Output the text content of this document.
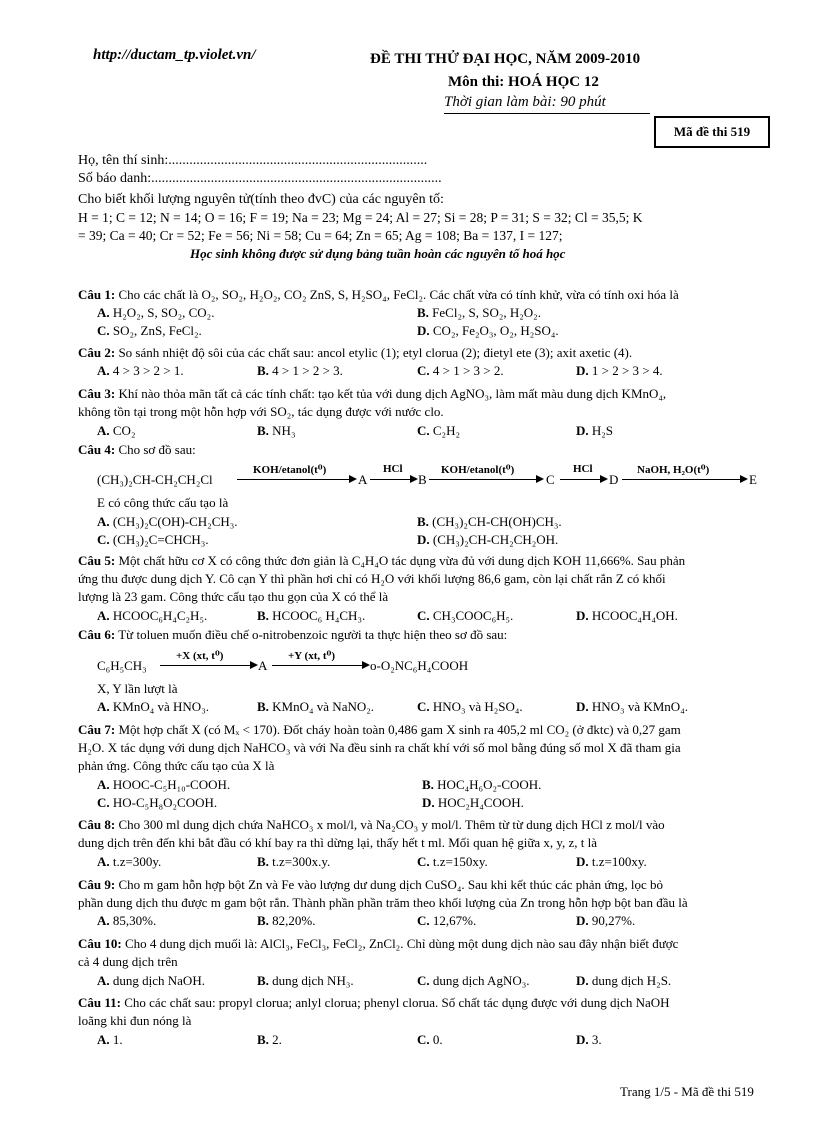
http://ductam_tp.violet.vn/	ĐỀ THI THỬ ĐẠI HỌC, NĂM 2009-2010
Môn thi: HOÁ HỌC 12
Thời gian làm bài: 90 phút
Mã đề thi 519
Họ, tên thí sinh:..........................................................................
Số báo danh:...................................................................................
Cho biết khối lượng nguyên tử(tính theo đvC) của các nguyên tố:
H = 1; C = 12; N = 14; O = 16; F = 19; Na = 23; Mg = 24; Al = 27; Si = 28; P = 31; S = 32; Cl = 35,5; K
= 39; Ca = 40; Cr = 52; Fe = 56; Ni = 58; Cu = 64; Zn = 65; Ag = 108; Ba = 137, I = 127;
Học sinh không được sử dụng bảng tuần hoàn các nguyên tố hoá học
Câu 1: Cho các chất là O₂, SO₂, H₂O₂, CO₂ ZnS, S, H₂SO₄, FeCl₂. Các chất vừa có tính khử, vừa có tính oxi hóa là
A. H₂O₂, S, SO₂, CO₂.	B. FeCl₂, S, SO₂, H₂O₂.
C. SO₂, ZnS, FeCl₂.	D. CO₂, Fe₂O₃, O₂, H₂SO₄.
Câu 2: So sánh nhiệt độ sôi của các chất sau: ancol etylic (1); etyl clorua (2); đietyl ete (3); axit axetic (4).
A. 4 > 3 > 2 > 1.	B. 4 > 1 > 2 > 3.	C. 4 > 1 > 3 > 2.	D. 1 > 2 > 3 > 4.
Câu 3: Khí nào thỏa mãn tất cả các tính chất: tạo kết tủa với dung dịch AgNO₃, làm mất màu dung dịch KMnO₄,
không tồn tại trong một hỗn hợp với SO₂, tác dụng được với nước clo.
A. CO₂	B. NH₃	C. C₂H₂	D. H₂S
Câu 4: Cho sơ đồ sau:
(CH₃)₂CH-CH₂CH₂Cl
KOH/etanol(t⁰)
A
HCl
B
KOH/etanol(t⁰)
C
HCl
D
NaOH, H₂O(t⁰)
E
E có công thức cấu tạo là
A. (CH₃)₂C(OH)-CH₂CH₃.	B. (CH₃)₂CH-CH(OH)CH₃.
C. (CH₃)₂C=CHCH₃.	D. (CH₃)₂CH-CH₂CH₂OH.
Câu 5: Một chất hữu cơ X có công thức đơn giản là C₄H₄O tác dụng vừa đủ với dung dịch KOH 11,666%. Sau phản
ứng thu được dung dịch Y. Cô cạn Y thì phần hơi chỉ có H₂O với khối lượng 86,6 gam, còn lại chất rắn Z có khối
lượng là 23 gam. Công thức cấu tạo thu gọn của X có thể là
A. HCOOC₆H₄C₂H₅.	B. HCOOC₆ H₄CH₃.	C. CH₃COOC₆H₅.	D. HCOOC₄H₄OH.
Câu 6: Từ toluen muốn điều chế o-nitrobenzoic người ta thực hiện theo sơ đồ sau:
C₆H₅CH₃
+X (xt, t⁰)
A
+Y (xt, t⁰)
o-O₂NC₆H₄COOH
X, Y lần lượt là
A. KMnO₄ và HNO₃.	B. KMnO₄ và NaNO₂.	C. HNO₃ và H₂SO₄.	D. HNO₃ và KMnO₄.
Câu 7: Một hợp chất X (có Mₓ < 170). Đốt cháy hoàn toàn 0,486 gam X sinh ra 405,2 ml CO₂ (ở đktc) và 0,27 gam
H₂O. X tác dụng với dung dịch NaHCO₃ và với Na đều sinh ra chất khí với số mol bằng đúng số mol X đã tham gia
phản ứng. Công thức cấu tạo của X là
A. HOOC-C₅H₁₀-COOH.	B. HOC₄H₆O₂-COOH.
C. HO-C₅H₈O₂COOH.	D. HOC₂H₄COOH.
Câu 8: Cho 300 ml dung dịch chứa NaHCO₃ x mol/l, và Na₂CO₃ y mol/l. Thêm từ từ dung dịch HCl z mol/l vào
dung dịch trên đến khi bắt đầu có khí bay ra thì dừng lại, thấy hết t ml. Mối quan hệ giữa x, y, z, t là
A. t.z=300y.	B. t.z=300x.y.	C. t.z=150xy.	D. t.z=100xy.
Câu 9: Cho m gam hỗn hợp bột Zn và Fe vào lượng dư dung dịch CuSO₄. Sau khi kết thúc các phản ứng, lọc bỏ
phần dung dịch thu được m gam bột rắn. Thành phần phần trăm theo khối lượng của Zn trong hỗn hợp bột ban đầu là
A. 85,30%.	B. 82,20%.	C. 12,67%.	D. 90,27%.
Câu 10: Cho 4 dung dịch muối là: AlCl₃, FeCl₃, FeCl₂, ZnCl₂. Chỉ dùng một dung dịch nào sau đây nhận biết được
cả 4 dung dịch trên
A. dung dịch NaOH.	B. dung dịch NH₃.	C. dung dịch AgNO₃.	D. dung dịch H₂S.
Câu 11: Cho các chất sau: propyl clorua; anlyl clorua; phenyl clorua. Số chất tác dụng được với dung dịch NaOH
loãng khi đun nóng là
A. 1.	B. 2.	C. 0.	D. 3.
Trang 1/5 - Mã đề thi 519
